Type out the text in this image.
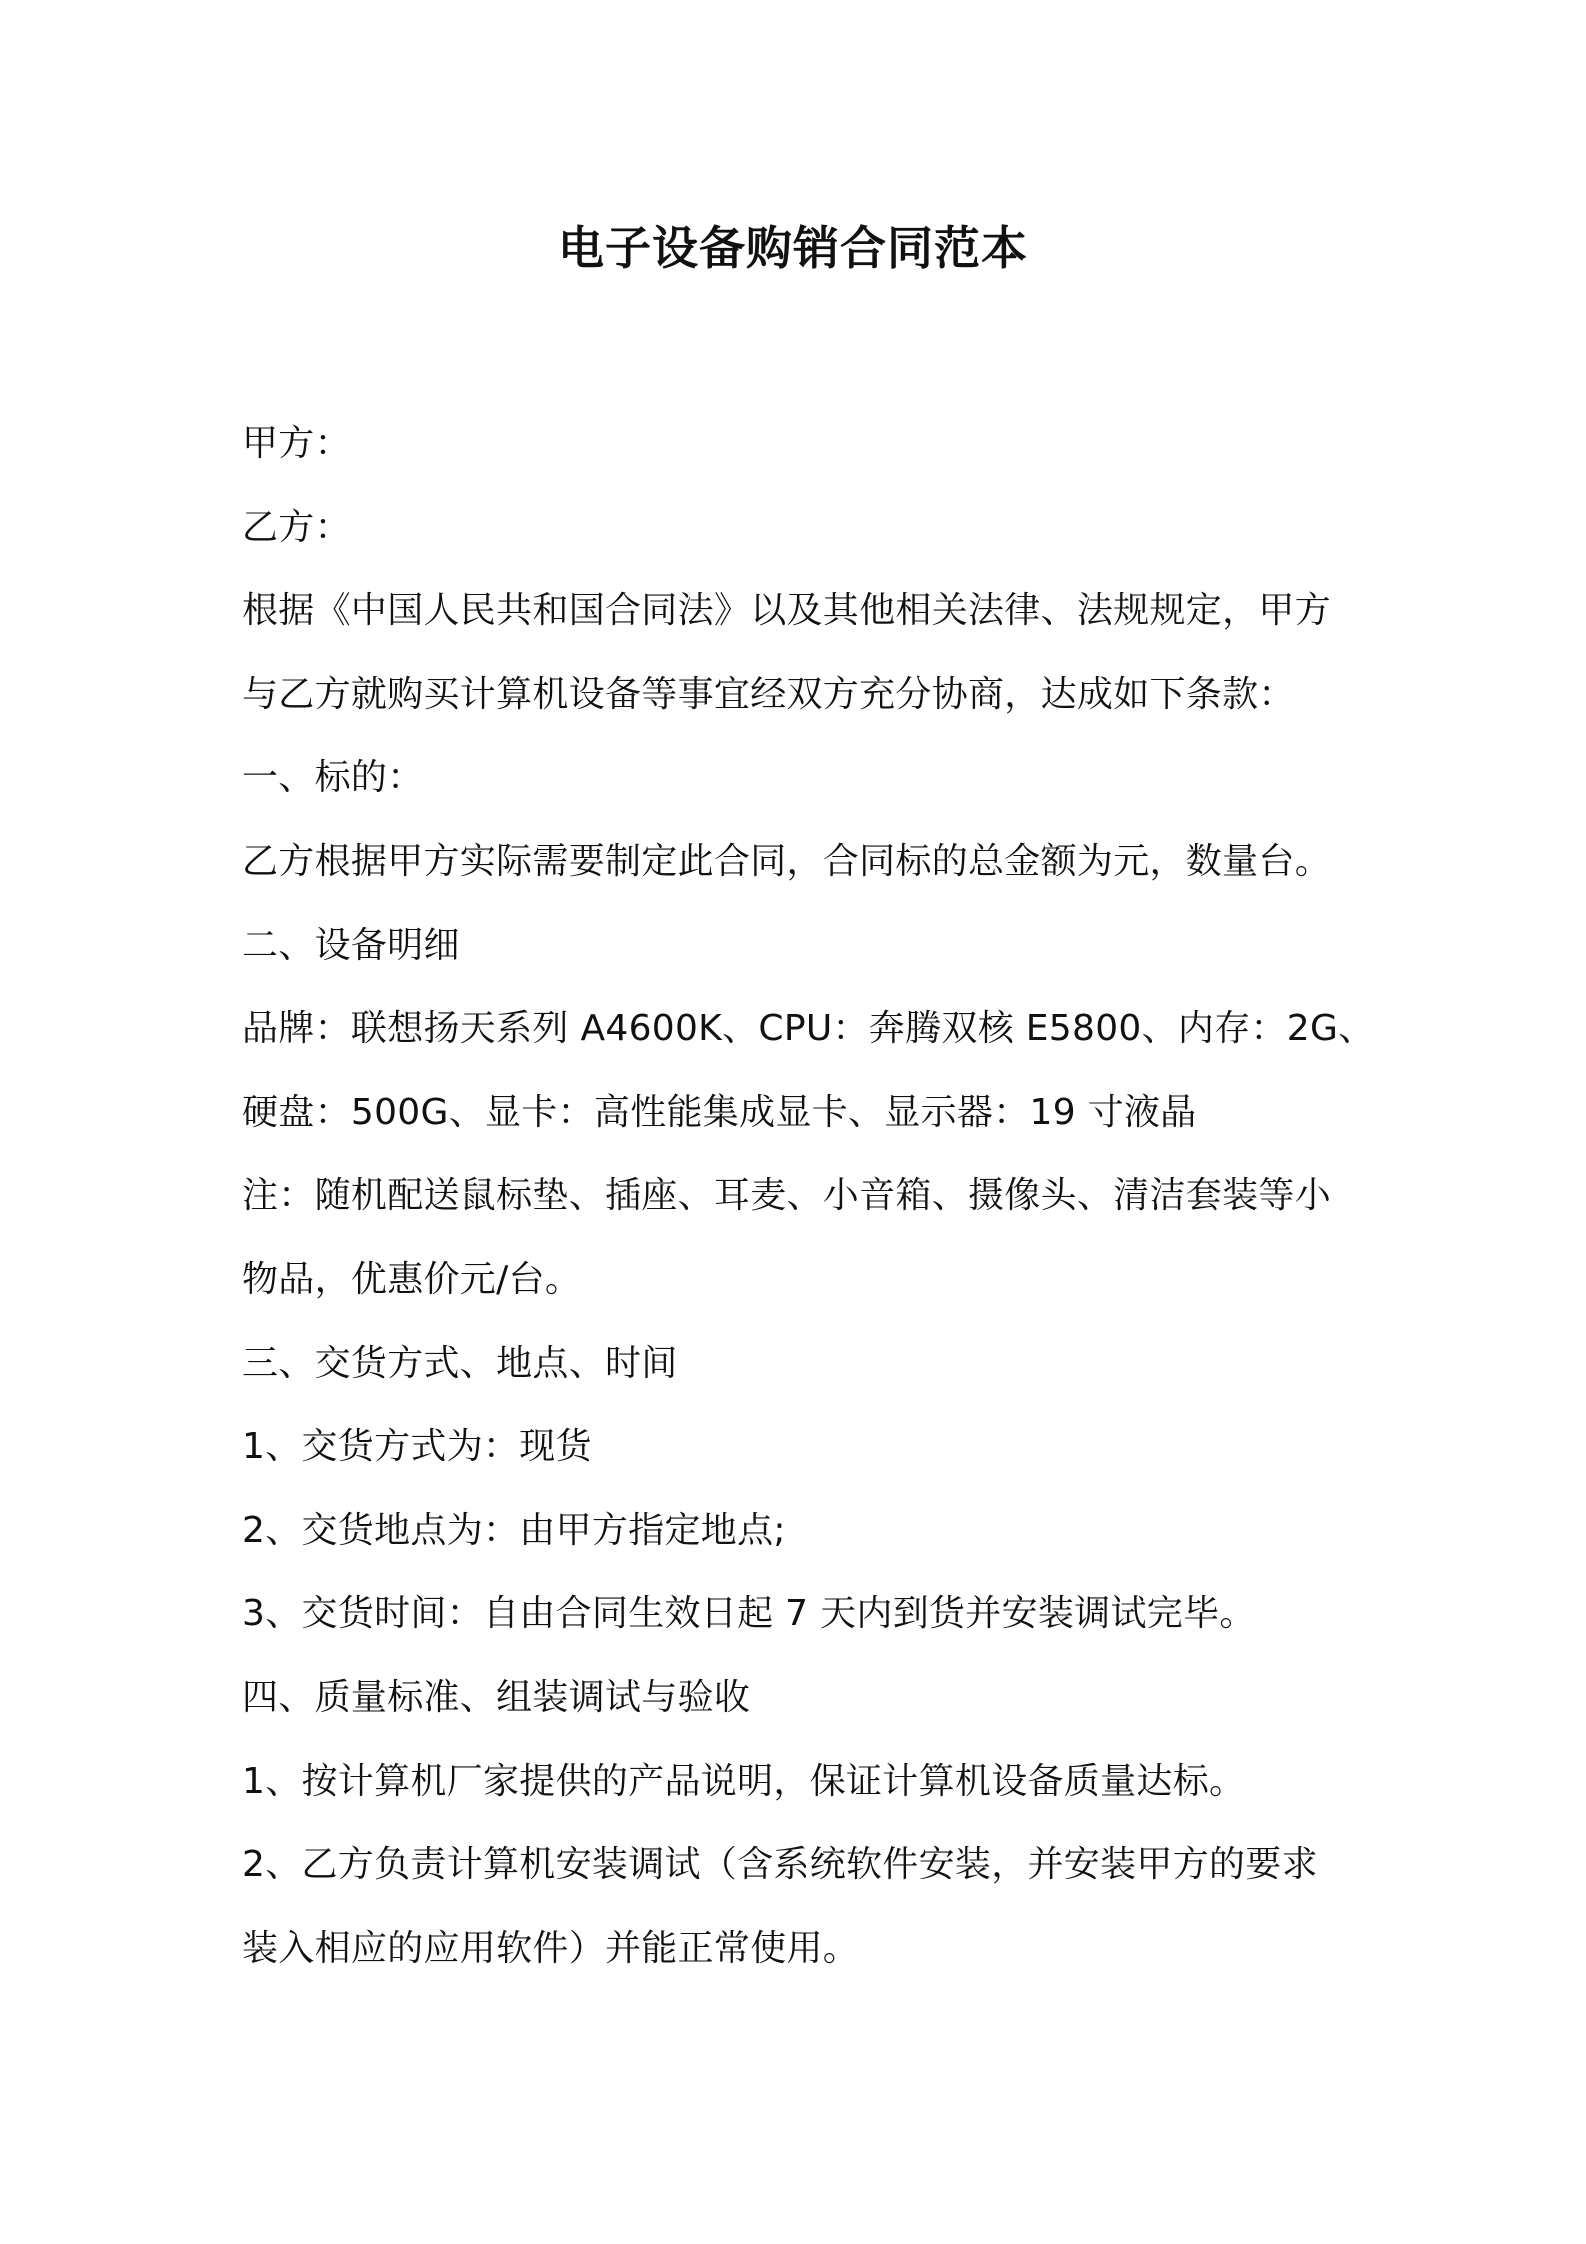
电子设备购销合同范本

甲方：

乙方：

根据《中国人民共和国合同法》以及其他相关法律、法规规定，甲方

与乙方就购买计算机设备等事宜经双方充分协商，达成如下条款：

一、标的：

乙方根据甲方实际需要制定此合同，合同标的总金额为元，数量台。

二、设备明细

品牌：联想扬天系列 A4600K、CPU：奔腾双核 E5800、内存：2G、

硬盘：500G、显卡：高性能集成显卡、显示器：19 寸液晶

注：随机配送鼠标垫、插座、耳麦、小音箱、摄像头、清洁套装等小

物品，优惠价元/台。

三、交货方式、地点、时间

1、交货方式为：现货

2、交货地点为：由甲方指定地点;

3、交货时间：自由合同生效日起 7 天内到货并安装调试完毕。

四、质量标准、组装调试与验收

1、按计算机厂家提供的产品说明，保证计算机设备质量达标。

2、乙方负责计算机安装调试（含系统软件安装，并安装甲方的要求

装入相应的应用软件）并能正常使用。
